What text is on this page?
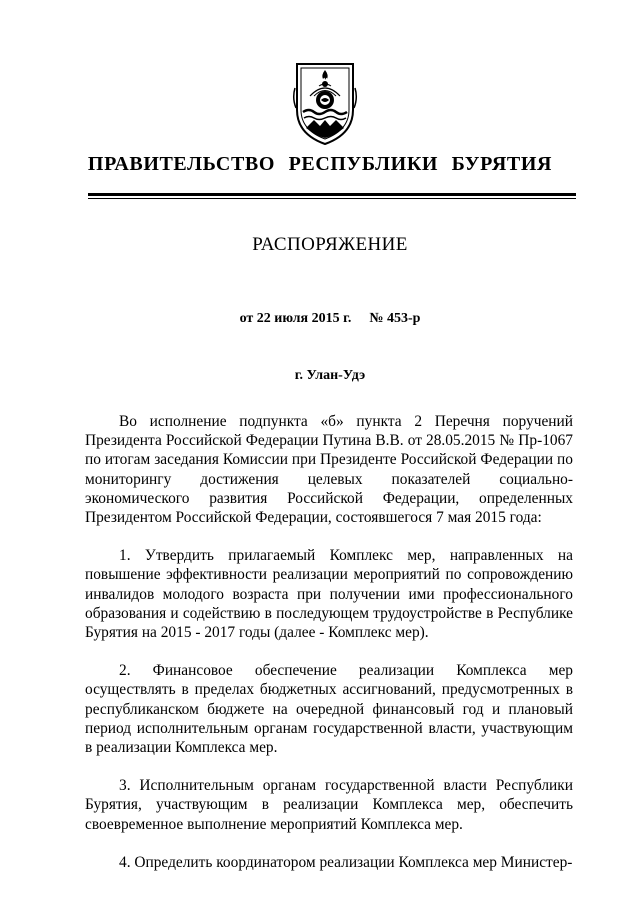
ПРАВИТЕЛЬСТВО РЕСПУБЛИКИ БУРЯТИЯ
РАСПОРЯЖЕНИЕ
от 22 июля 2015 г. № 453-р
г. Улан-Удэ

Во исполнение подпункта «б» пункта 2 Перечня поручений Президента Российской Федерации Путина В.В. от 28.05.2015 № Пр-1067 по итогам заседания Комиссии при Президенте Российской Федерации по мониторингу достижения целевых показателей социально-экономического развития Российской Федерации, определенных Президентом Российской Федерации, состоявшегося 7 мая 2015 года:

1. Утвердить прилагаемый Комплекс мер, направленных на повышение эффективности реализации мероприятий по сопровождению инвалидов молодого возраста при получении ими профессионального образования и содействию в последующем трудоустройстве в Республике Бурятия на 2015 - 2017 годы (далее - Комплекс мер).

2. Финансовое обеспечение реализации Комплекса мер осуществлять в пределах бюджетных ассигнований, предусмотренных в республиканском бюджете на очередной финансовый год и плановый период исполнительным органам государственной власти, участвующим в реализации Комплекса мер.

3. Исполнительным органам государственной власти Республики Бурятия, участвующим в реализации Комплекса мер, обеспечить своевременное выполнение мероприятий Комплекса мер.

4. Определить координатором реализации Комплекса мер Министер-
